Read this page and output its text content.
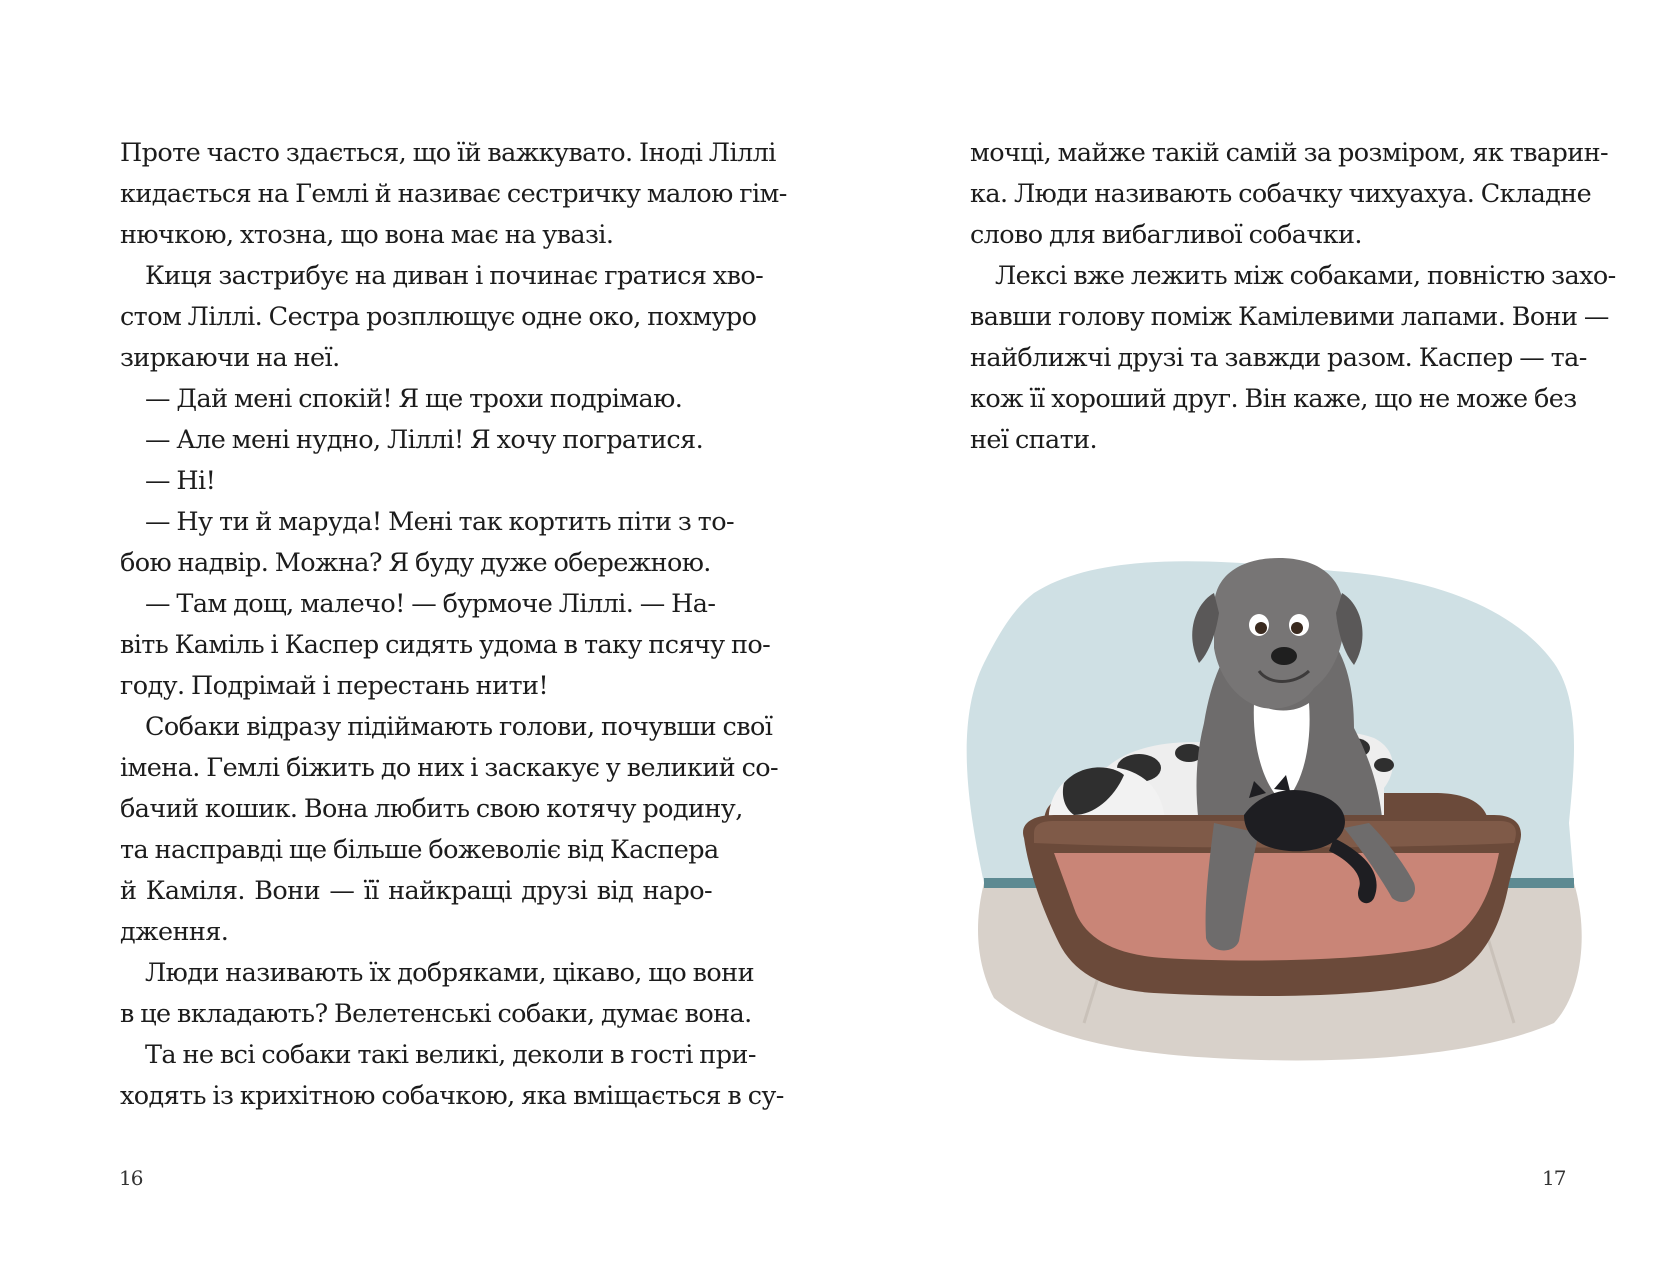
Проте часто здається, що їй важкувато. Іноді Ліллі
кидається на Гемлі й називає сестричку малою гім-
нючкою, хтозна, що вона має на увазі.
Киця застрибує на диван і починає гратися хво-
стом Ліллі. Сестра розплющує одне око, похмуро
зиркаючи на неї.
— Дай мені спокій! Я ще трохи подрімаю.
— Але мені нудно, Ліллі! Я хочу погратися.
— Ні!
— Ну ти й маруда! Мені так кортить піти з то-
бою надвір. Можна? Я буду дуже обережною.
— Там дощ, малечо! — бурмоче Ліллі. — На-
віть Каміль і Каспер сидять удома в таку псячу по-
году. Подрімай і перестань нити!
Собаки відразу підіймають голови, почувши свої
імена. Гемлі біжить до них і заскакує у великий со-
бачий кошик. Вона любить свою котячу родину,
та насправді ще більше божеволіє від Каспера
й Каміля. Вони — її найкращі друзі від наро-
дження.
Люди називають їх добряками, цікаво, що вони
в це вкладають? Велетенські собаки, думає вона.
Та не всі собаки такі великі, деколи в гості при-
ходять із крихітною собачкою, яка вміщається в су-
16
мочці, майже такій самій за розміром, як тварин-
ка. Люди називають собачку чихуахуа. Складне
слово для вибагливої собачки.
Лексі вже лежить між собаками, повністю захо-
вавши голову поміж Камілевими лапами. Вони —
найближчі друзі та завжди разом. Каспер — та-
кож її хороший друг. Він каже, що не може без
неї спати.
17
